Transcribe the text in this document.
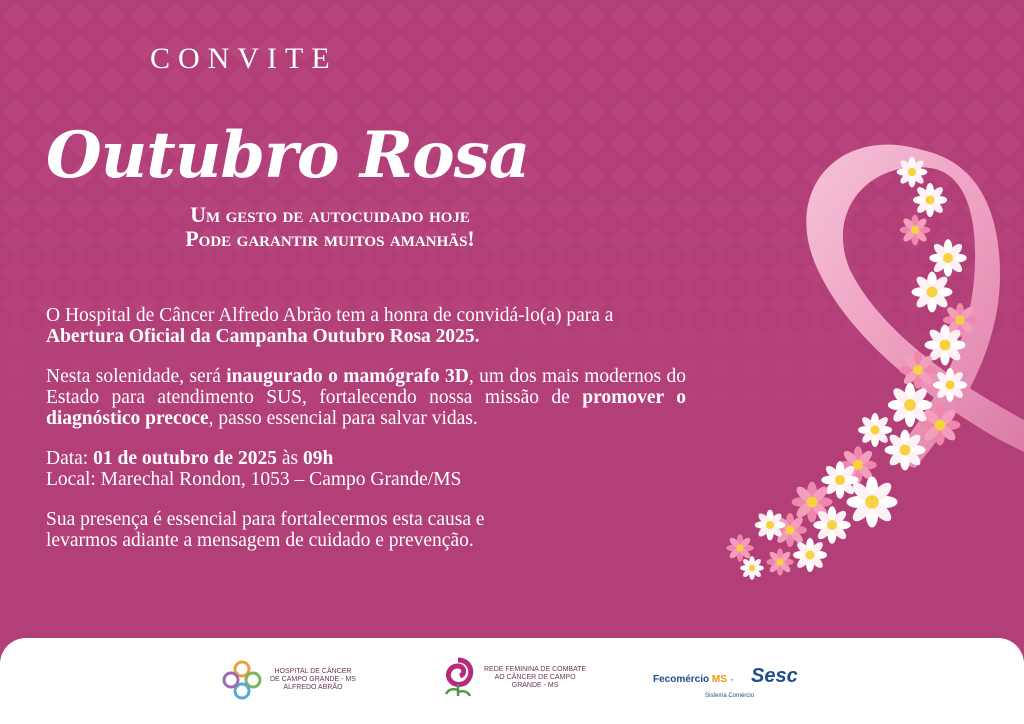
CONVITE
Outubro Rosa
Um gesto de autocuidado hoje
Pode garantir muitos amanhãs!

O Hospital de Câncer Alfredo Abrão tem a honra de convidá-lo(a) para a
Abertura Oficial da Campanha Outubro Rosa 2025.

Nesta solenidade, será inaugurado o mamógrafo 3D, um dos mais modernos do Estado para atendimento SUS, fortalecendo nossa missão de promover o diagnóstico precoce, passo essencial para salvar vidas.

Data: 01 de outubro de 2025 às 09h
Local: Marechal Rondon, 1053 – Campo Grande/MS

Sua presença é essencial para fortalecermos esta causa e
levarmos adiante a mensagem de cuidado e prevenção.

HOSPITAL DE CÂNCER
DE CAMPO GRANDE - MS
ALFREDO ABRÃO
REDE FEMININA DE COMBATE
AO CÂNCER DE CAMPO
GRANDE - MS
Fecomércio MS · Sesc
Sistema Comércio
